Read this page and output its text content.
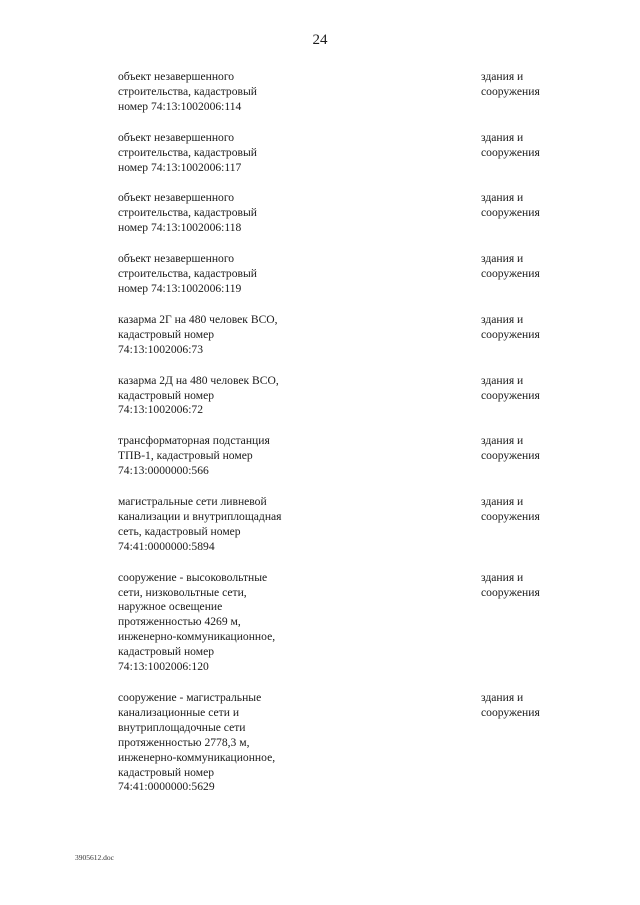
24
объект незавершенного
строительства, кадастровый
номер 74:13:1002006:114
здания и
сооружения
объект незавершенного
строительства, кадастровый
номер 74:13:1002006:117
здания и
сооружения
объект незавершенного
строительства, кадастровый
номер 74:13:1002006:118
здания и
сооружения
объект незавершенного
строительства, кадастровый
номер 74:13:1002006:119
здания и
сооружения
казарма 2Г на 480 человек ВСО,
кадастровый номер
74:13:1002006:73
здания и
сооружения
казарма 2Д на 480 человек ВСО,
кадастровый номер
74:13:1002006:72
здания и
сооружения
трансформаторная подстанция
ТПВ-1, кадастровый номер
74:13:0000000:566
здания и
сооружения
магистральные сети ливневой
канализации и внутриплощадная
сеть, кадастровый номер
74:41:0000000:5894
здания и
сооружения
сооружение - высоковольтные
сети, низковольтные сети,
наружное освещение
протяженностью 4269 м,
инженерно-коммуникационное,
кадастровый номер
74:13:1002006:120
здания и
сооружения
сооружение - магистральные
канализационные сети и
внутриплощадочные сети
протяженностью 2778,3 м,
инженерно-коммуникационное,
кадастровый номер
74:41:0000000:5629
здания и
сооружения
3905612.doc
